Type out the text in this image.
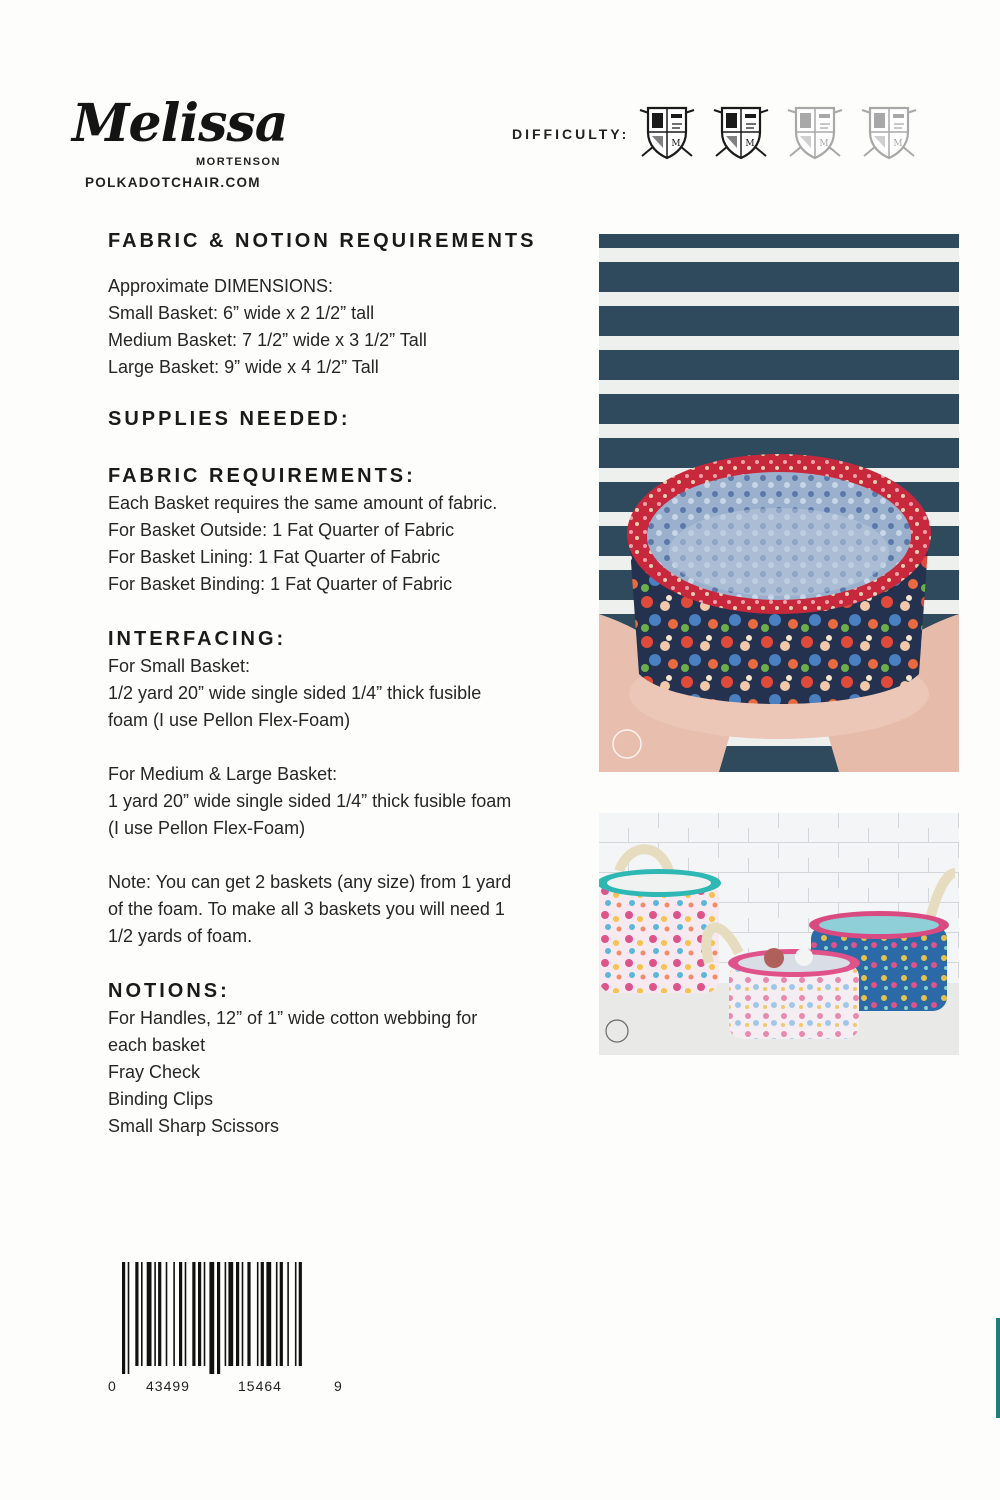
Melissa
MORTENSON
POLKADOTCHAIR.COM
DIFFICULTY:
M	M	M	M
FABRIC & NOTION REQUIREMENTS
Approximate DIMENSIONS:
Small Basket: 6” wide x 2 1/2” tall
Medium Basket: 7 1/2” wide x 3 1/2” Tall
Large Basket: 9” wide x 4 1/2” Tall
SUPPLIES NEEDED:
FABRIC REQUIREMENTS:
Each Basket requires the same amount of fabric.
For Basket Outside: 1 Fat Quarter of Fabric
For Basket Lining: 1 Fat Quarter of Fabric
For Basket Binding: 1 Fat Quarter of Fabric
INTERFACING:
For Small Basket:
1/2 yard 20” wide single sided 1/4” thick fusible
foam (I use Pellon Flex-Foam)
For Medium & Large Basket:
1 yard 20” wide single sided 1/4” thick fusible foam
(I use Pellon Flex-Foam)
Note: You can get 2 baskets (any size) from 1 yard
of the foam. To make all 3 baskets you will need 1
1/2 yards of foam.
NOTIONS:
For Handles, 12” of 1” wide cotton webbing for
each basket
Fray Check
Binding Clips
Small Sharp Scissors
0 43499	15464	9
